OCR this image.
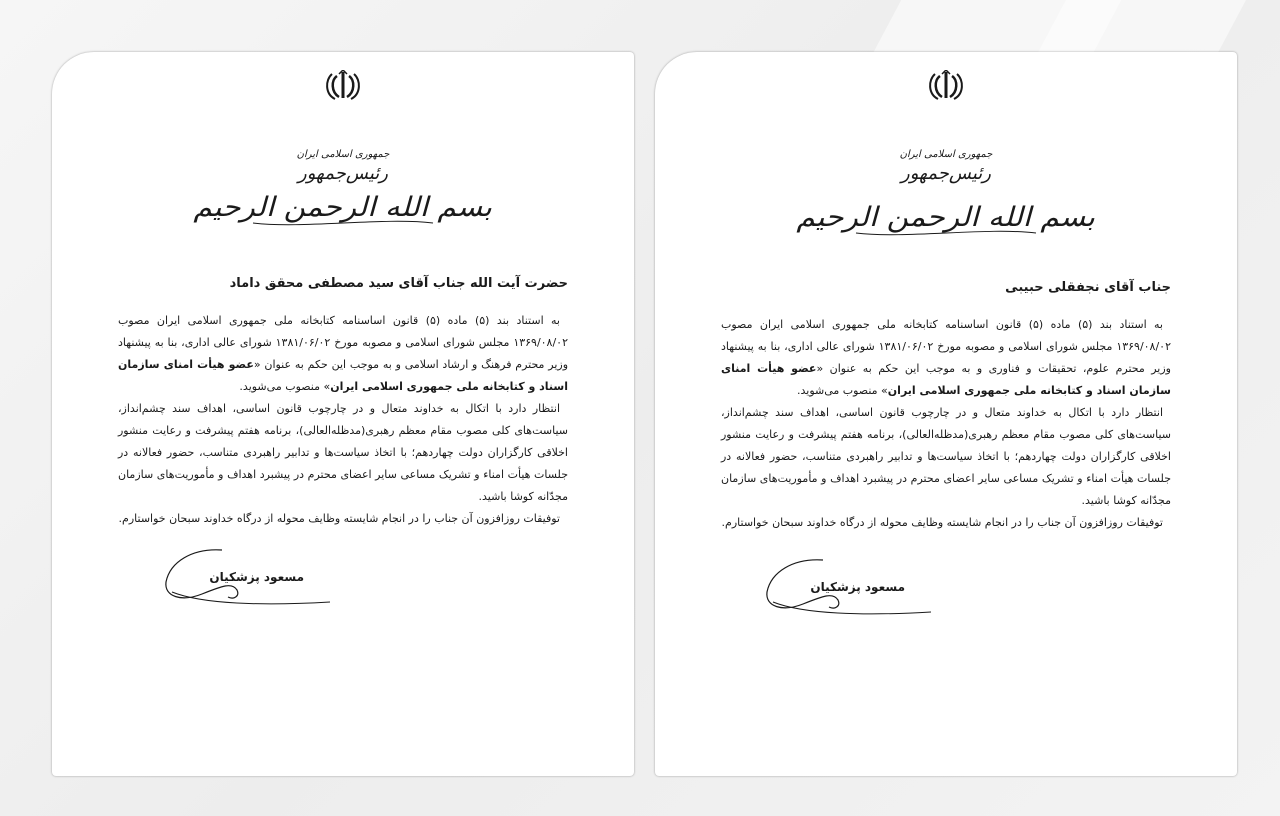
جمهوری اسلامی ایران
رئیس‌جمهور
بسم الله الرحمن الرحیم
حضرت آیت الله جناب آقای سید مصطفی محقق داماد

به استناد بند (۵) ماده (۵) قانون اساسنامه کتابخانه ملی جمهوری اسلامی ایران مصوب ۱۳۶۹/۰۸/۰۲ مجلس شورای اسلامی و مصوبه مورخ ۱۳۸۱/۰۶/۰۲ شورای عالی اداری، بنا به پیشنهاد وزیر محترم فرهنگ و ارشاد اسلامی و به موجب این حکم به عنوان «عضو هیأت امنای سازمان اسناد و کتابخانه ملی جمهوری اسلامی ایران» منصوب می‌شوید.

انتظار دارد با اتکال به خداوند متعال و در چارچوب قانون اساسی، اهداف سند چشم‌انداز، سیاست‌های کلی مصوب مقام معظم رهبری(مدظله‌العالی)، برنامه هفتم پیشرفت و رعایت منشور اخلاقی کارگزاران دولت چهاردهم؛ با اتخاذ سیاست‌ها و تدابیر راهبردی متناسب، حضور فعالانه در جلسات هیأت امناء و تشریک مساعی سایر اعضای محترم در پیشبرد اهداف و مأموریت‌های سازمان مجدّانه کوشا باشید.

توفیقات روزافزون آن جناب را در انجام شایسته وظایف محوله از درگاه خداوند سبحان خواستارم.

مسعود پزشکیان
جمهوری اسلامی ایران
رئیس‌جمهور
بسم الله الرحمن الرحیم
جناب آقای نجفقلی حبیبی

به استناد بند (۵) ماده (۵) قانون اساسنامه کتابخانه ملی جمهوری اسلامی ایران مصوب ۱۳۶۹/۰۸/۰۲ مجلس شورای اسلامی و مصوبه مورخ ۱۳۸۱/۰۶/۰۲ شورای عالی اداری، بنا به پیشنهاد وزیر محترم علوم، تحقیقات و فناوری و به موجب این حکم به عنوان «عضو هیأت امنای سازمان اسناد و کتابخانه ملی جمهوری اسلامی ایران» منصوب می‌شوید.

انتظار دارد با اتکال به خداوند متعال و در چارچوب قانون اساسی، اهداف سند چشم‌انداز، سیاست‌های کلی مصوب مقام معظم رهبری(مدظله‌العالی)، برنامه هفتم پیشرفت و رعایت منشور اخلاقی کارگزاران دولت چهاردهم؛ با اتخاذ سیاست‌ها و تدابیر راهبردی متناسب، حضور فعالانه در جلسات هیأت امناء و تشریک مساعی سایر اعضای محترم در پیشبرد اهداف و مأموریت‌های سازمان مجدّانه کوشا باشید.

توفیقات روزافزون آن جناب را در انجام شایسته وظایف محوله از درگاه خداوند سبحان خواستارم.

مسعود پزشکیان
